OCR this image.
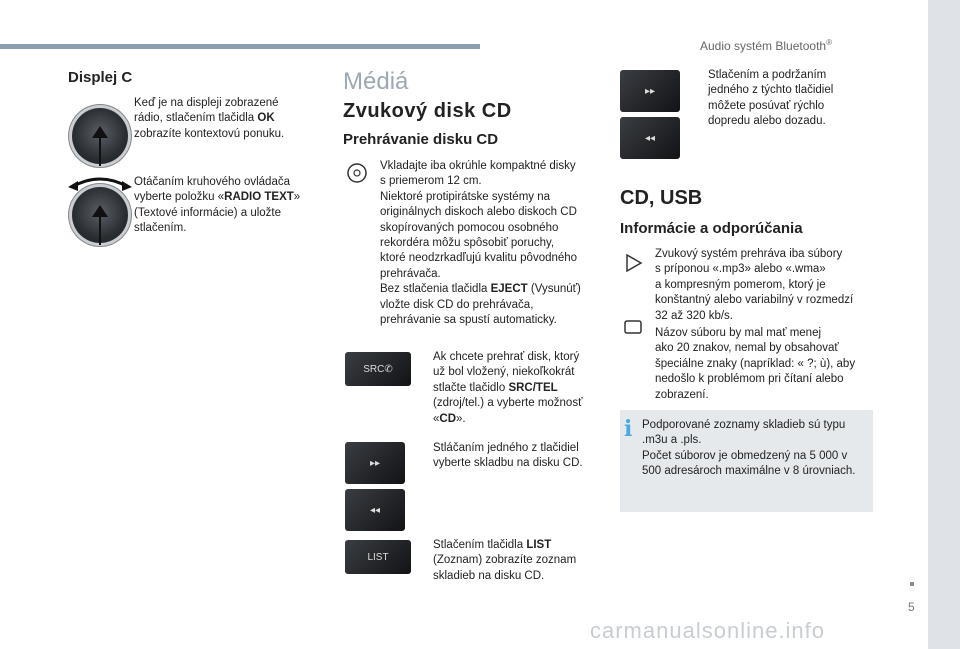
Audio systém Bluetooth®
5
carmanualsonline.info
Displej C
Keď je na displeji zobrazené
rádio, stlačením tlačidla OK
zobrazíte kontextovú ponuku.
Otáčaním kruhového ovládača
vyberte položku «RADIO TEXT»
(Textové informácie) a uložte
stlačením.
Médiá
Zvukový disk CD
Prehrávanie disku CD
Vkladajte iba okrúhle kompaktné disky
s priemerom 12 cm.
Niektoré protipirátske systémy na
originálnych diskoch alebo diskoch CD
skopírovaných pomocou osobného
rekordéra môžu spôsobiť poruchy,
ktoré neodzrkadľujú kvalitu pôvodného
prehrávača.
Bez stlačenia tlačidla EJECT (Vysunúť)
vložte disk CD do prehrávača,
prehrávanie sa spustí automaticky.
SRC ✆
Ak chcete prehrať disk, ktorý
už bol vložený, niekoľkokrát
stlačte tlačidlo SRC/TEL
(zdroj/tel.) a vyberte možnosť
«CD».
▸▸
◂◂
Stláčaním jedného z tlačidiel
vyberte skladbu na disku CD.
LIST
Stlačením tlačidla LIST
(Zoznam) zobrazíte zoznam
skladieb na disku CD.
▸▸
◂◂
Stlačením a podržaním
jedného z týchto tlačidiel
môžete posúvať rýchlo
dopredu alebo dozadu.
CD, USB
Informácie a odporúčania
Zvukový systém prehráva iba súbory
s príponou «.mp3» alebo «.wma»
a kompresným pomerom, ktorý je
konštantný alebo variabilný v rozmedzí
32 až 320 kb/s.
Názov súboru by mal mať menej
ako 20 znakov, nemal by obsahovať
špeciálne znaky (napríklad: « ?; ù), aby
nedošlo k problémom pri čítaní alebo
zobrazení.
i Podporované zoznamy skladieb sú typu
.m3u a .pls.
Počet súborov je obmedzený na 5 000 v
500 adresároch maximálne v 8 úrovniach.
